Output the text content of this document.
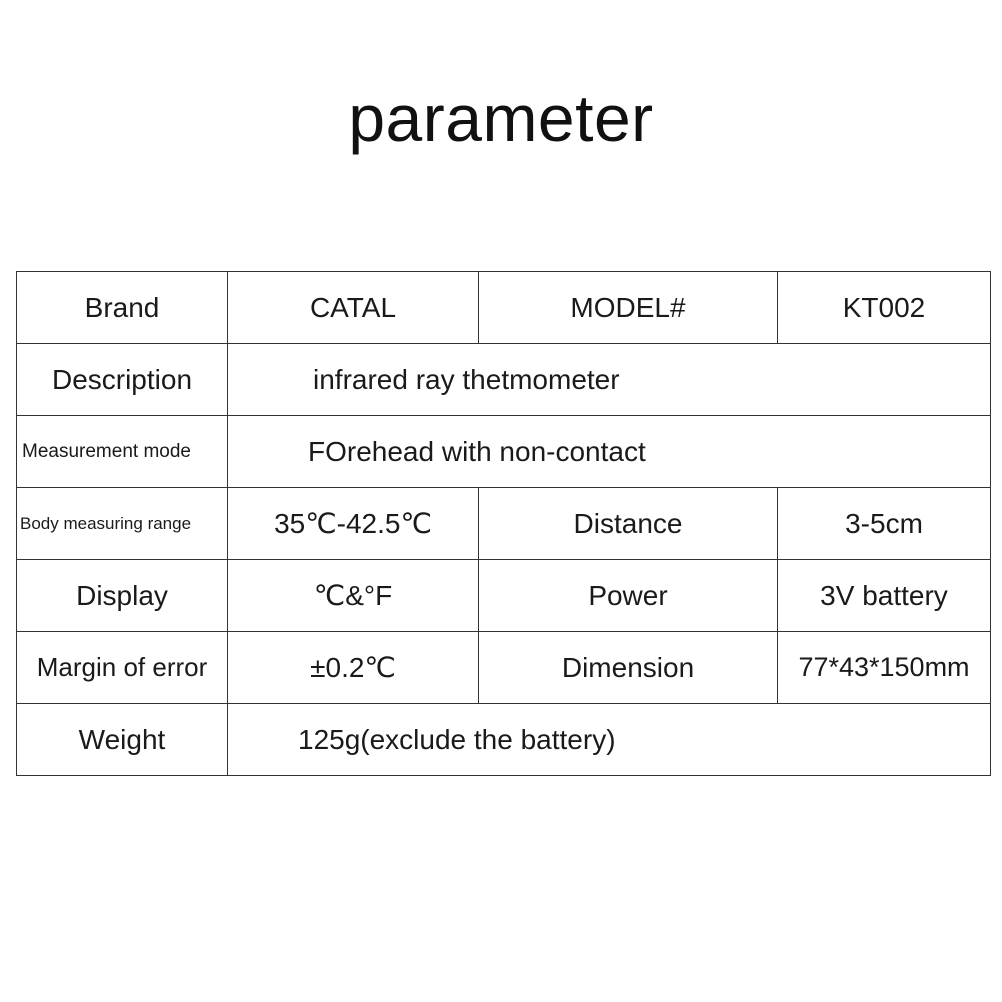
parameter
Brand	CATAL	MODEL#	KT002
Description	infrared ray thetmometer		
Measurement mode	FOrehead with non-contact		
Body measuring range	35℃-42.5℃	Distance	3-5cm
Display	℃&°F	Power	3V battery
Margin of error	±0.2℃	Dimension	77*43*150mm
Weight	125g(exclude the battery)		
